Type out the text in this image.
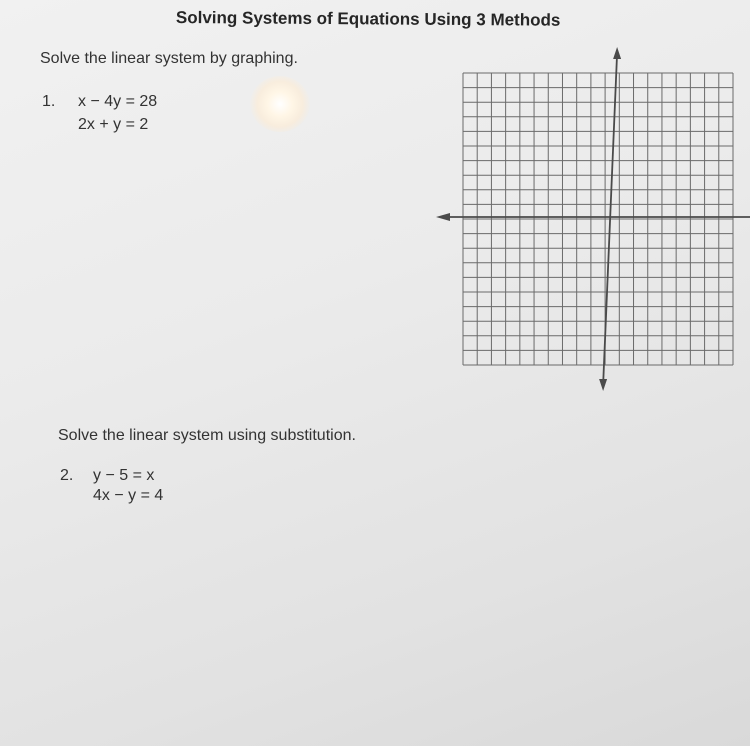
Solving Systems of Equations Using 3 Methods
Solve the linear system by graphing.
1. x − 4y = 28
2x + y = 2
Solve the linear system using substitution.
2. y − 5 = x
4x − y = 4
